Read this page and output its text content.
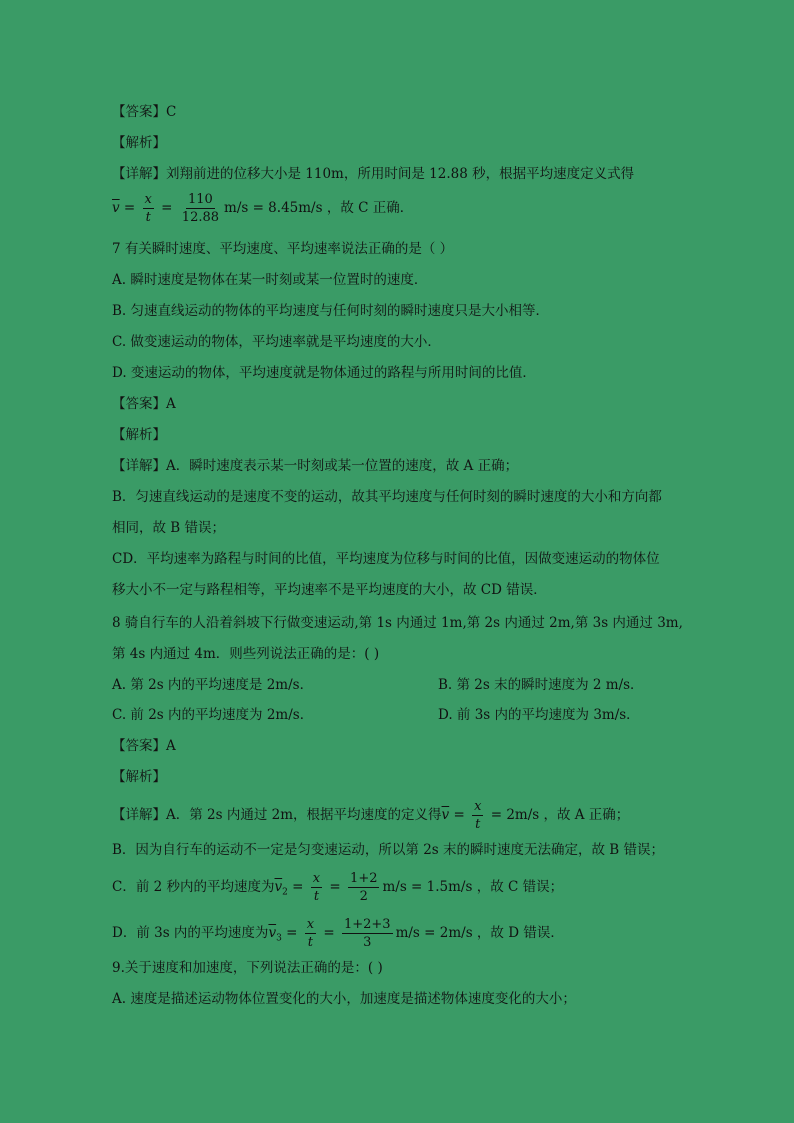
【答案】C
【解析】
【详解】刘翔前进的位移大小是 110m，所用时间是 12.88 秒，根据平均速度定义式得
$\overline{v} = \frac{x}{t} = \frac{110}{12.88} m/s = 8.45m/s$ ，故 C 正确．
7 有关瞬时速度、平均速度、平均速率说法正确的是（ ）
A. 瞬时速度是物体在某一时刻或某一位置时的速度．
B. 匀速直线运动的物体的平均速度与任何时刻的瞬时速度只是大小相等．
C. 做变速运动的物体，平均速率就是平均速度的大小．
D. 变速运动的物体，平均速度就是物体通过的路程与所用时间的比值．
【答案】A
【解析】
【详解】A．瞬时速度表示某一时刻或某一位置的速度，故 A 正确；
B．匀速直线运动的是速度不变的运动，故其平均速度与任何时刻的瞬时速度的大小和方向都
相同，故 B 错误；
CD．平均速率为路程与时间的比值，平均速度为位移与时间的比值，因做变速运动的物体位
移大小不一定与路程相等，平均速率不是平均速度的大小，故 CD 错误．
8 骑自行车的人沿着斜坡下行做变速运动,第 1s 内通过 1m,第 2s 内通过 2m,第 3s 内通过 3m,
第 4s 内通过 4m．则些列说法正确的是：( )
A. 第 2s 内的平均速度是 2m/s．	B. 第 2s 末的瞬时速度为 2 m/s．
C. 前 2s 内的平均速度为 2m/s．	D. 前 3s 内的平均速度为 3m/s．
【答案】A
【解析】
【详解】A．第 2s 内通过 2m，根据平均速度的定义得$\overline{v} = \frac{x}{t} = 2m/s$ ，故 A 正确；
B．因为自行车的运动不一定是匀变速运动，所以第 2s 末的瞬时速度无法确定，故 B 错误；
C．前 2 秒内的平均速度为$\overline{v}_2 = \frac{x}{t} = \frac{1+2}{2} m/s = 1.5m/s$ ，故 C 错误；
D．前 3s 内的平均速度为$\overline{v}_3 = \frac{x}{t} = \frac{1+2+3}{3} m/s = 2m/s$ ，故 D 错误．
9.关于速度和加速度，下列说法正确的是：( )
A. 速度是描述运动物体位置变化的大小，加速度是描述物体速度变化的大小；
